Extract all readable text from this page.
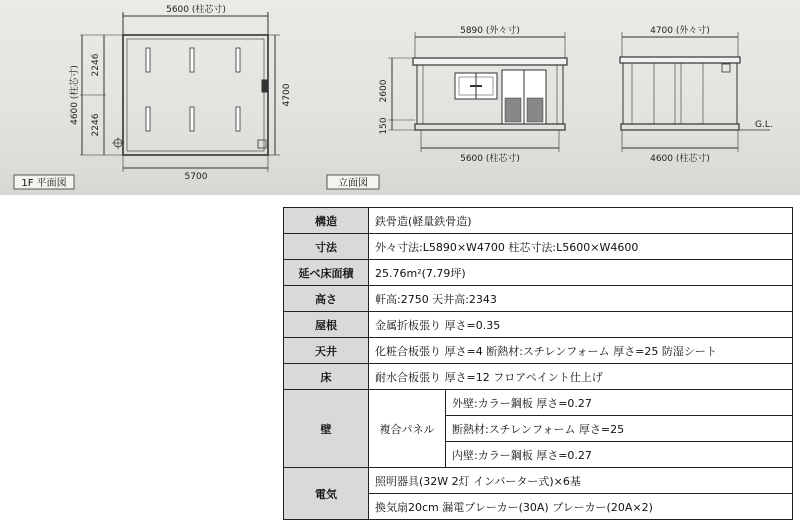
5600 (柱芯寸)
5700
2246
2246
4600 (柱芯寸)	4700
1F 平面図
5890 (外々寸)
5600 (柱芯寸)
2600
150
4700 (外々寸)
4600 (柱芯寸)
G.L.
立面図
構造	鉄骨造(軽量鉄骨造)	
寸法	外々寸法:L5890×W4700 柱芯寸法:L5600×W4600	
延べ床面積	25.76m²(7.79坪)	
高さ	軒高:2750 天井高:2343	
屋根	金属折板張り 厚さ=0.35	
天井	化粧合板張り 厚さ=4 断熱材:スチレンフォーム 厚さ=25 防湿シート	
床	耐水合板張り 厚さ=12 フロアペイント仕上げ	
壁	複合パネル	外壁:カラー鋼板 厚さ=0.27
		断熱材:スチレンフォーム 厚さ=25
		内壁:カラー鋼板 厚さ=0.27
電気	照明器具(32W 2灯 インバーター式)×6基	
	換気扇20cm 漏電ブレーカー(30A) ブレーカー(20A×2)	
